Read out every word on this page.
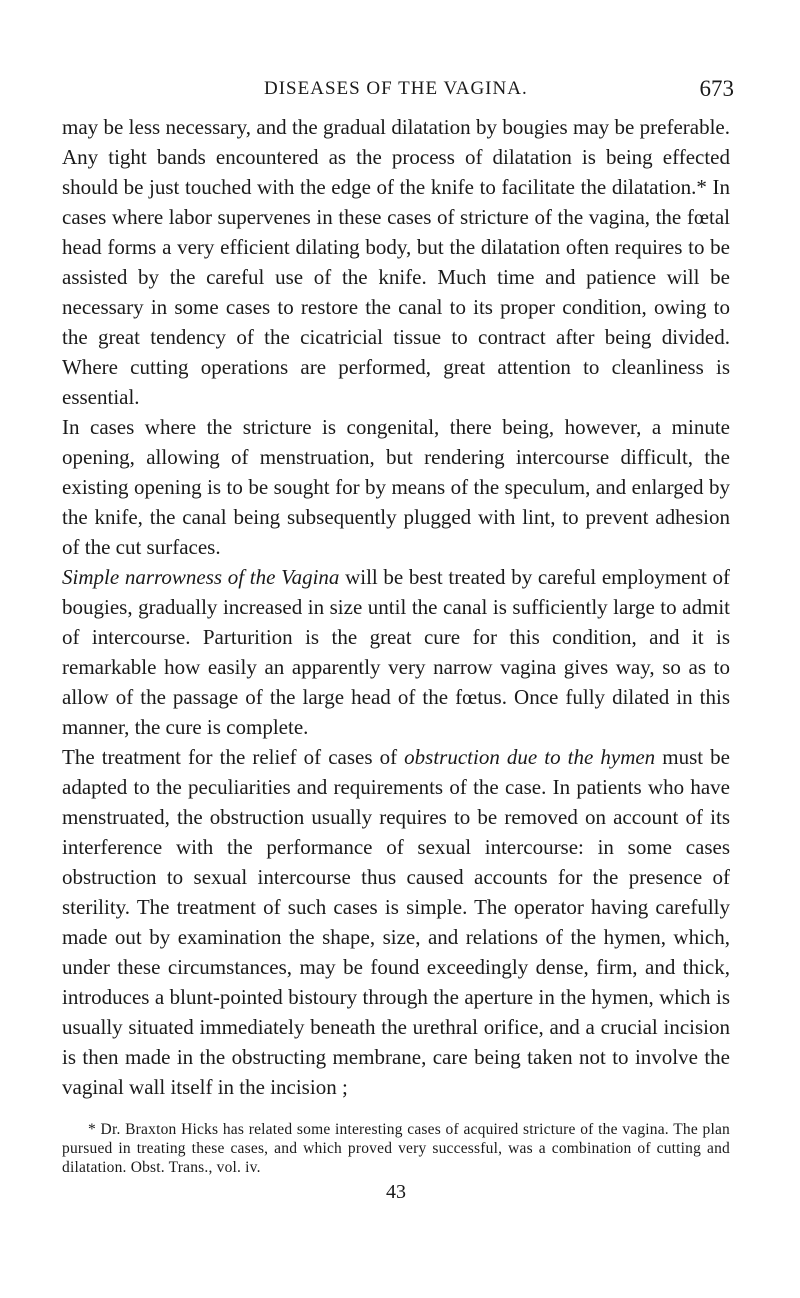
DISEASES OF THE VAGINA.	673

may be less necessary, and the gradual dilatation by bougies may be preferable. Any tight bands encountered as the process of dilatation is being effected should be just touched with the edge of the knife to facilitate the dilatation.* In cases where labor supervenes in these cases of stricture of the vagina, the fœtal head forms a very efficient dilating body, but the dilatation often requires to be assisted by the careful use of the knife. Much time and patience will be necessary in some cases to restore the canal to its proper condition, owing to the great tendency of the cicatricial tissue to contract after being divided. Where cutting operations are performed, great attention to cleanliness is essential.

In cases where the stricture is congenital, there being, however, a minute opening, allowing of menstruation, but rendering intercourse difficult, the existing opening is to be sought for by means of the speculum, and enlarged by the knife, the canal being subsequently plugged with lint, to prevent adhesion of the cut surfaces.

Simple narrowness of the Vagina will be best treated by careful employment of bougies, gradually increased in size until the canal is sufficiently large to admit of intercourse. Parturition is the great cure for this condition, and it is remarkable how easily an apparently very narrow vagina gives way, so as to allow of the passage of the large head of the fœtus. Once fully dilated in this manner, the cure is complete.

The treatment for the relief of cases of obstruction due to the hymen must be adapted to the peculiarities and requirements of the case. In patients who have menstruated, the obstruction usually requires to be removed on account of its interference with the performance of sexual intercourse: in some cases obstruction to sexual intercourse thus caused accounts for the presence of sterility. The treatment of such cases is simple. The operator having carefully made out by examination the shape, size, and relations of the hymen, which, under these circumstances, may be found exceedingly dense, firm, and thick, introduces a blunt-pointed bistoury through the aperture in the hymen, which is usually situated immediately beneath the urethral orifice, and a crucial incision is then made in the obstructing membrane, care being taken not to involve the vaginal wall itself in the incision ;

* Dr. Braxton Hicks has related some interesting cases of acquired stricture of the vagina. The plan pursued in treating these cases, and which proved very successful, was a combination of cutting and dilatation. Obst. Trans., vol. iv.
43
